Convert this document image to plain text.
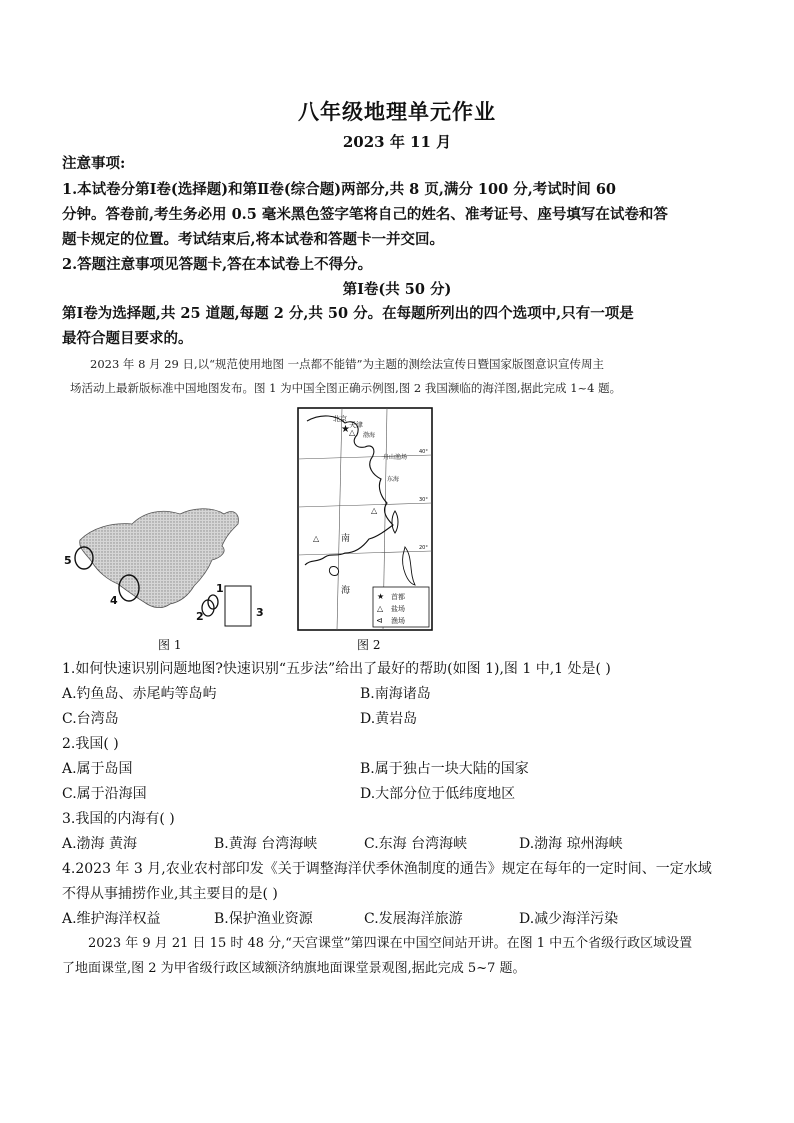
八年级地理单元作业
2023 年 11 月
注意事项:
1.本试卷分第Ⅰ卷(选择题)和第Ⅱ卷(综合题)两部分,共 8 页,满分 100 分,考试时间 60
分钟。答卷前,考生务必用 0.5 毫米黑色签字笔将自己的姓名、准考证号、座号填写在试卷和答
题卡规定的位置。考试结束后,将本试卷和答题卡一并交回。
2.答题注意事项见答题卡,答在本试卷上不得分。
第Ⅰ卷(共 50 分)
第Ⅰ卷为选择题,共 25 道题,每题 2 分,共 50 分。在每题所列出的四个选项中,只有一项是
最符合题目要求的。
2023 年 8 月 29 日,以“规范使用地图 一点都不能错”为主题的测绘法宣传日暨国家版图意识宣传周主
场活动上最新版标准中国地图发布。图 1 为中国全图正确示例图,图 2 我国濒临的海洋图,据此完成 1~4 题。
5
4
1
2	3
图 1
★ △
△
△
北京
天津
渤海
舟山渔场
东海
南
海
40°
30°
20°
★ 首都
△ 盐场
⊲ 渔场
图 2
1.如何快速识别问题地图?快速识别“五步法”给出了最好的帮助(如图 1),图 1 中,1 处是( )
A.钓鱼岛、赤尾屿等岛屿	B.南海诸岛
C.台湾岛	D.黄岩岛
2.我国( )
A.属于岛国	B.属于独占一块大陆的国家
C.属于沿海国	D.大部分位于低纬度地区
3.我国的内海有( )
A.渤海 黄海	B.黄海 台湾海峡	C.东海 台湾海峡	D.渤海 琼州海峡
4.2023 年 3 月,农业农村部印发《关于调整海洋伏季休渔制度的通告》规定在每年的一定时间、一定水域
不得从事捕捞作业,其主要目的是( )
A.维护海洋权益	B.保护渔业资源	C.发展海洋旅游	D.减少海洋污染
2023 年 9 月 21 日 15 时 48 分,“天宫课堂”第四课在中国空间站开讲。在图 1 中五个省级行政区域设置
了地面课堂,图 2 为甲省级行政区域额济纳旗地面课堂景观图,据此完成 5~7 题。
